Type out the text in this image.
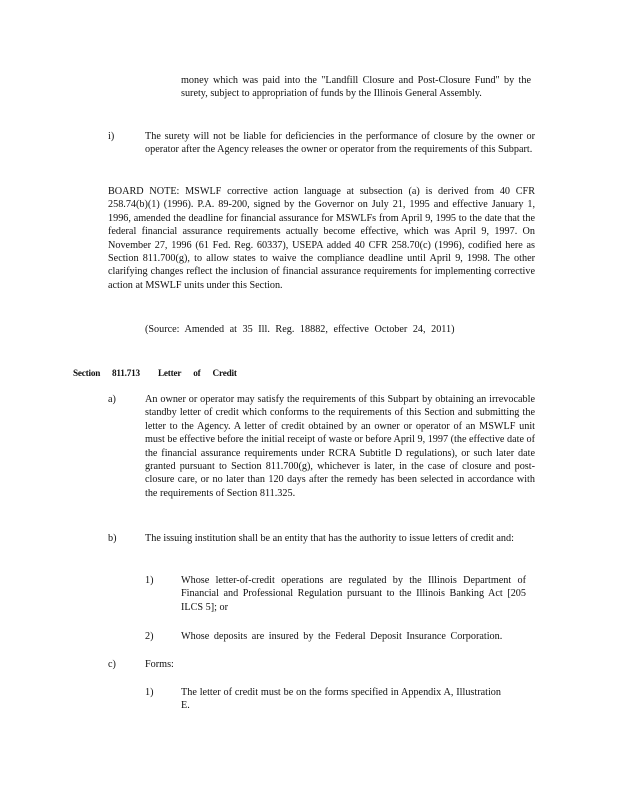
money which was paid into the "Landfill Closure and Post-Closure Fund" by the surety, subject to appropriation of funds by the Illinois General Assembly.
i)	The surety will not be liable for deficiencies in the performance of closure by the owner or operator after the Agency releases the owner or operator from the requirements of this Subpart.
BOARD NOTE: MSWLF corrective action language at subsection (a) is derived from 40 CFR 258.74(b)(1) (1996). P.A. 89-200, signed by the Governor on July 21, 1995 and effective January 1, 1996, amended the deadline for financial assurance for MSWLFs from April 9, 1995 to the date that the federal financial assurance requirements actually become effective, which was April 9, 1997. On November 27, 1996 (61 Fed. Reg. 60337), USEPA added 40 CFR 258.70(c) (1996), codified here as Section 811.700(g), to allow states to waive the compliance deadline until April 9, 1998. The other clarifying changes reflect the inclusion of financial assurance requirements for implementing corrective action at MSWLF units under this Section.
(Source: Amended at 35 Ill. Reg. 18882, effective October 24, 2011)
Section 811.713 Letter of Credit
a)	An owner or operator may satisfy the requirements of this Subpart by obtaining an irrevocable standby letter of credit which conforms to the requirements of this Section and submitting the letter to the Agency. A letter of credit obtained by an owner or operator of an MSWLF unit must be effective before the initial receipt of waste or before April 9, 1997 (the effective date of the financial assurance requirements under RCRA Subtitle D regulations), or such later date granted pursuant to Section 811.700(g), whichever is later, in the case of closure and post-closure care, or no later than 120 days after the remedy has been selected in accordance with the requirements of Section 811.325.
b)	The issuing institution shall be an entity that has the authority to issue letters of credit and:
1)	Whose letter-of-credit operations are regulated by the Illinois Department of Financial and Professional Regulation pursuant to the Illinois Banking Act [205 ILCS 5]; or
2)	Whose deposits are insured by the Federal Deposit Insurance Corporation.
c)	Forms:
1)	The letter of credit must be on the forms specified in Appendix A, Illustration E.
